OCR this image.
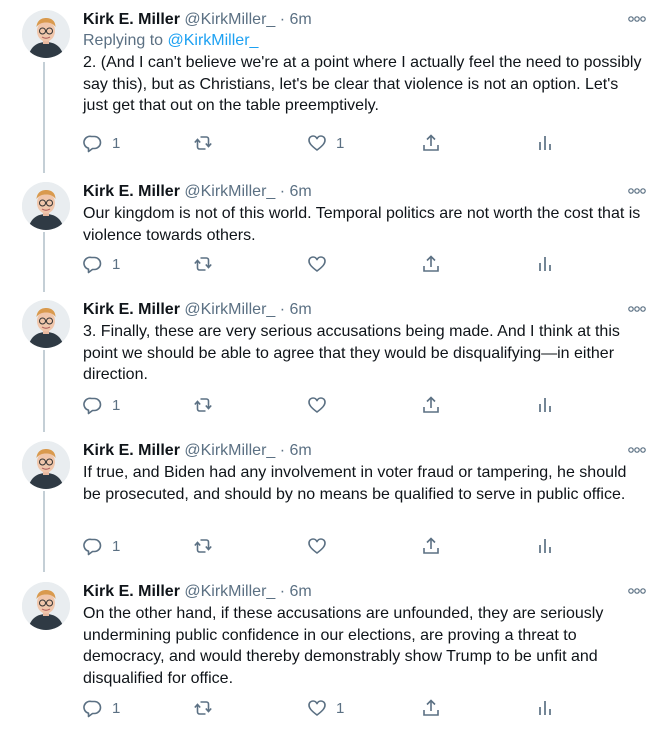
Kirk E. Miller @KirkMiller_ · 6m
Replying to @KirkMiller_
2. (And I can't believe we're at a point where I actually feel the need to possibly say this), but as Christians, let's be clear that violence is not an option. Let's just get that out on the table preemptively.
1	1
Kirk E. Miller @KirkMiller_ · 6m
Our kingdom is not of this world. Temporal politics are not worth the cost that is violence towards others.
1
Kirk E. Miller @KirkMiller_ · 6m
3. Finally, these are very serious accusations being made. And I think at this point we should be able to agree that they would be disqualifying—in either direction.
1
Kirk E. Miller @KirkMiller_ · 6m
If true, and Biden had any involvement in voter fraud or tampering, he should be prosecuted, and should by no means be qualified to serve in public office.
1
Kirk E. Miller @KirkMiller_ · 6m
On the other hand, if these accusations are unfounded, they are seriously undermining public confidence in our elections, are proving a threat to democracy, and would thereby demonstrably show Trump to be unfit and disqualified for office.
1	1
